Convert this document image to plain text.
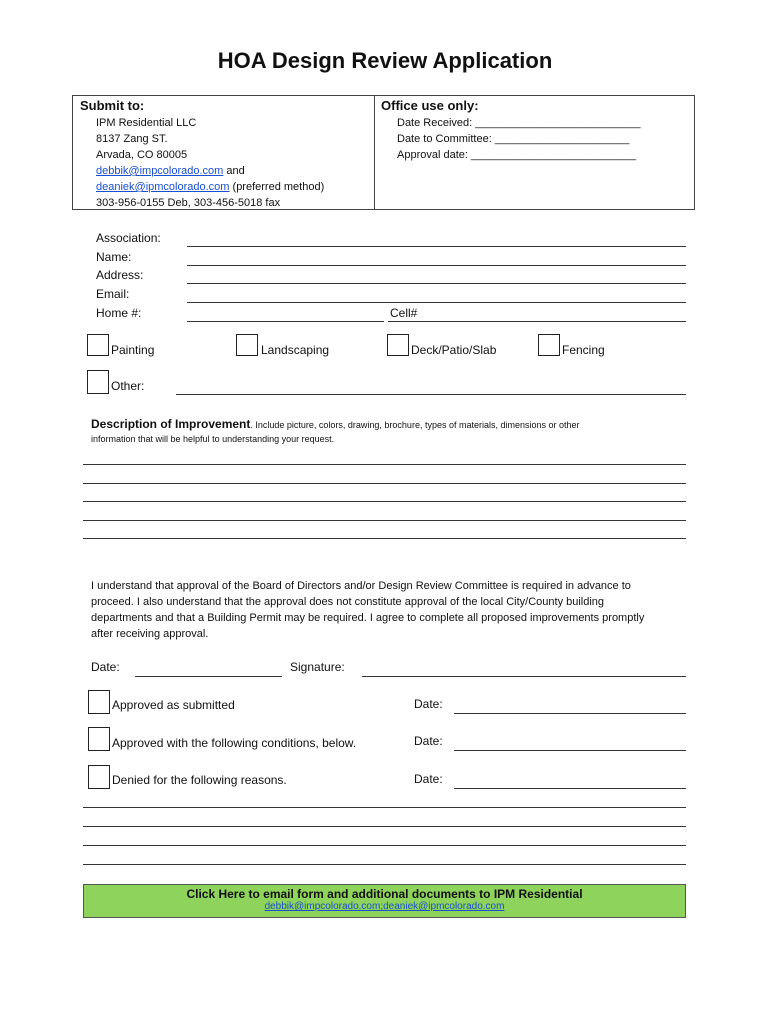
HOA Design Review Application
Submit to:
IPM Residential LLC
8137 Zang ST.
Arvada, CO 80005
debbik@impcolorado.com and
deaniek@ipmcolorado.com (preferred method)
303-956-0155 Deb, 303-456-5018 fax
Office use only:
Date Received: ___________________________
Date to Committee: ______________________
Approval date: ___________________________
Association:
Name:
Address:
Email:
Home #:	Cell#
Painting	Landscaping	Deck/Patio/Slab	Fencing
Other:
Description of Improvement. Include picture, colors, drawing, brochure, types of materials, dimensions or other
information that will be helpful to understanding your request.
I understand that approval of the Board of Directors and/or Design Review Committee is required in advance to
proceed. I also understand that the approval does not constitute approval of the local City/County building
departments and that a Building Permit may be required. I agree to complete all proposed improvements promptly
after receiving approval.
Date:	Signature:
Approved as submitted	Date:
Approved with the following conditions, below.	Date:
Denied for the following reasons.	Date:
Click Here to email form and additional documents to IPM Residential
debbik@impcolorado.com;deaniek@ipmcolorado.com
